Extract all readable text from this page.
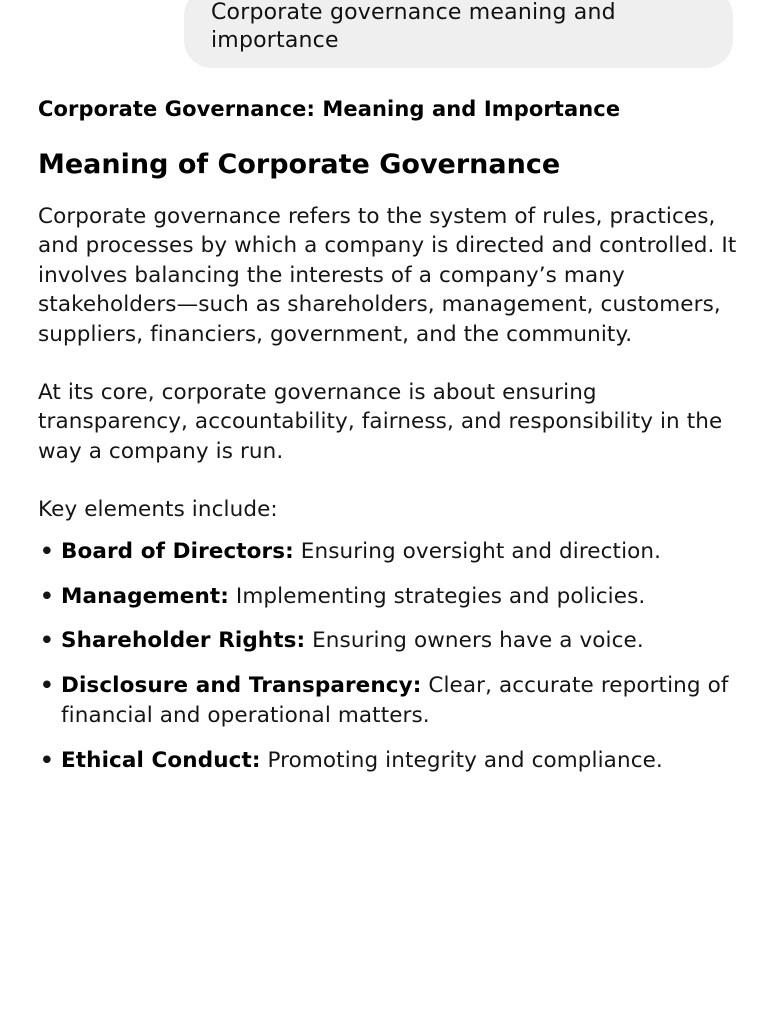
Corporate governance meaning and importance
Corporate Governance: Meaning and Importance
Meaning of Corporate Governance

Corporate governance refers to the system of rules, practices, and processes by which a company is directed and controlled. It involves balancing the interests of a company’s many stakeholders—such as shareholders, management, customers, suppliers, financiers, government, and the community.

At its core, corporate governance is about ensuring transparency, accountability, fairness, and responsibility in the way a company is run.

Key elements include:

• Board of Directors: Ensuring oversight and direction.
• Management: Implementing strategies and policies.
• Shareholder Rights: Ensuring owners have a voice.
• Disclosure and Transparency: Clear, accurate reporting of financial and operational matters.
• Ethical Conduct: Promoting integrity and compliance.
